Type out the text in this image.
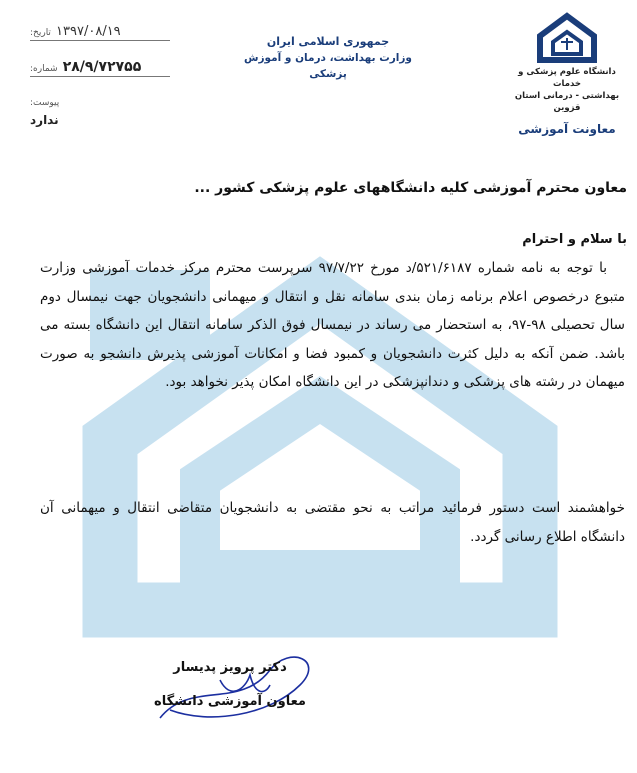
۱۳۹۷/۰۸/۱۹ تاریخ:
۲۸/۹/۷۲۷۵۵ شماره:
پیوست:
ندارد
جمهوری اسلامی ایران
وزارت بهداشت، درمان و آموزش پزشکی	دانشگاه علوم پزشکی و خدمات
بهداشتی - درمانی استان قزوین
معاونت آموزشی
معاون محترم آموزشی کلیه دانشگاههای علوم پزشکی کشور ...
با سلام و احترام
با توجه به نامه شماره ۵۲۱/۶۱۸۷/د مورخ ۹۷/۷/۲۲ سرپرست محترم مرکز خدمات آموزشی وزارت متبوع درخصوص اعلام برنامه زمان بندی سامانه نقل و انتقال و میهمانی دانشجویان جهت نیمسال دوم سال تحصیلی ۹۸-۹۷، به استحضار می رساند در نیمسال فوق الذکر سامانه انتقال این دانشگاه بسته می باشد. ضمن آنکه به دلیل کثرت دانشجویان و کمبود فضا و امکانات آموزشی پذیرش دانشجو به صورت میهمان در رشته های پزشکی و دندانپزشکی در این دانشگاه امکان پذیر نخواهد بود.
خواهشمند است دستور فرمائید مراتب به نحو مقتضی به دانشجویان متقاضی انتقال و میهمانی آن دانشگاه اطلاع رسانی گردد.
دکتر پرویز پدیسار
معاون آموزشی دانشگاه
